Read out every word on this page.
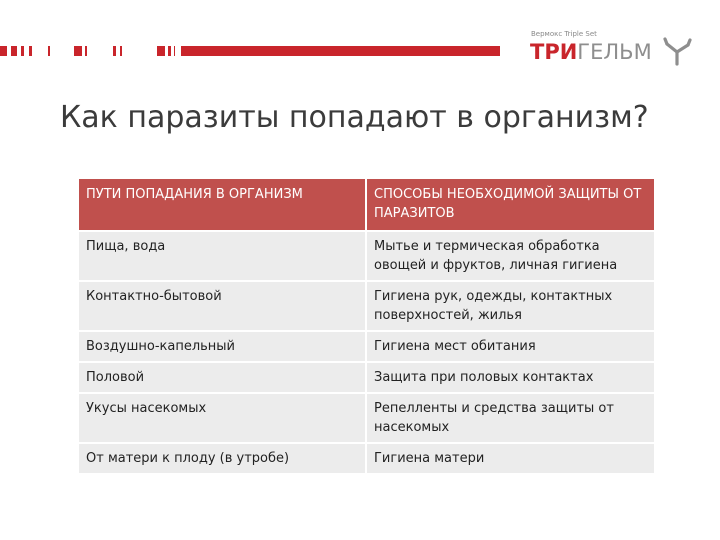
Вермокс Triple Set
ТРИГЕЛЬМ
Как паразиты попадают в организм?
ПУТИ ПОПАДАНИЯ В ОРГАНИЗМ	СПОСОБЫ НЕОБХОДИМОЙ ЗАЩИТЫ ОТ ПАРАЗИТОВ
Пища, вода	Мытье и термическая обработка овощей и фруктов, личная гигиена
Контактно-бытовой	Гигиена рук, одежды, контактных поверхностей, жилья
Воздушно-капельный	Гигиена мест обитания
Половой	Защита при половых контактах
Укусы насекомых	Репелленты и средства защиты от насекомых
От матери к плоду (в утробе)	Гигиена матери
